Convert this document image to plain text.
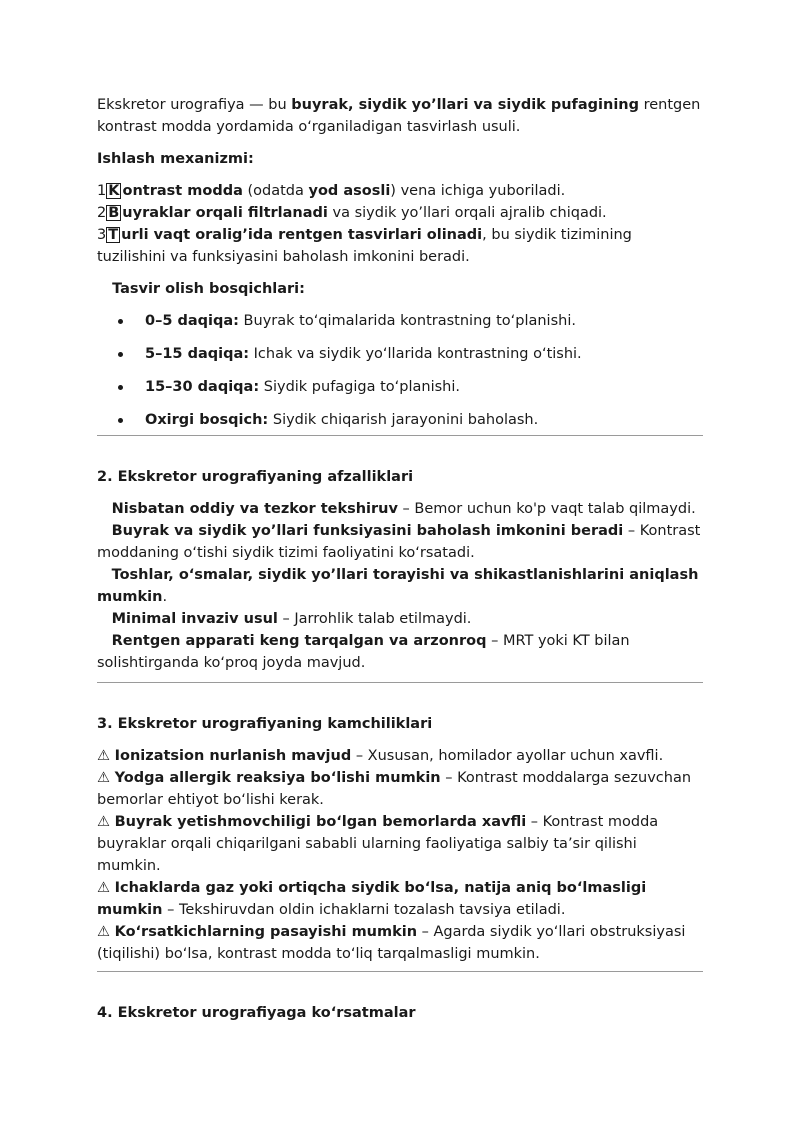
Ekskretor urografiya — bu buyrak, siydik yo’llari va siydik pufagining rentgen kontrast modda yordamida o‘rganiladigan tasvirlash usuli.

Ishlash mexanizmi:

1 K ontrast modda (odatda yod asosli) vena ichiga yuboriladi.

2 B uyraklar orqali filtrlanadi va siydik yo’llari orqali ajralib chiqadi.

3 T urli vaqt oralig’ida rentgen tasvirlari olinadi, bu siydik tizimining tuzilishini va funksiyasini baholash imkonini beradi.

Tasvir olish bosqichlari:

0–5 daqiqa: Buyrak to‘qimalarida kontrastning to‘planishi.
5–15 daqiqa: Ichak va siydik yo‘llarida kontrastning o‘tishi.
15–30 daqiqa: Siydik pufagiga to‘planishi.
Oxirgi bosqich: Siydik chiqarish jarayonini baholash.

2. Ekskretor urografiyaning afzalliklari

Nisbatan oddiy va tezkor tekshiruv – Bemor uchun ko'p vaqt talab qilmaydi.

Buyrak va siydik yo’llari funksiyasini baholash imkonini beradi – Kontrast moddaning o‘tishi siydik tizimi faoliyatini ko‘rsatadi.

Toshlar, o‘smalar, siydik yo’llari torayishi va shikastlanishlarini aniqlash mumkin.

Minimal invaziv usul – Jarrohlik talab etilmaydi.

Rentgen apparati keng tarqalgan va arzonroq – MRT yoki KT bilan solishtirganda ko‘proq joyda mavjud.

3. Ekskretor urografiyaning kamchiliklari

⚠ Ionizatsion nurlanish mavjud – Xususan, homilador ayollar uchun xavfli.

⚠ Yodga allergik reaksiya bo‘lishi mumkin – Kontrast moddalarga sezuvchan bemorlar ehtiyot bo‘lishi kerak.

⚠ Buyrak yetishmovchiligi bo‘lgan bemorlarda xavfli – Kontrast modda buyraklar orqali chiqarilgani sababli ularning faoliyatiga salbiy ta’sir qilishi mumkin.

⚠ Ichaklarda gaz yoki ortiqcha siydik bo‘lsa, natija aniq bo‘lmasligi mumkin – Tekshiruvdan oldin ichaklarni tozalash tavsiya etiladi.

⚠ Ko‘rsatkichlarning pasayishi mumkin – Agarda siydik yo‘llari obstruksiyasi (tiqilishi) bo‘lsa, kontrast modda to‘liq tarqalmasligi mumkin.

4. Ekskretor urografiyaga ko‘rsatmalar
